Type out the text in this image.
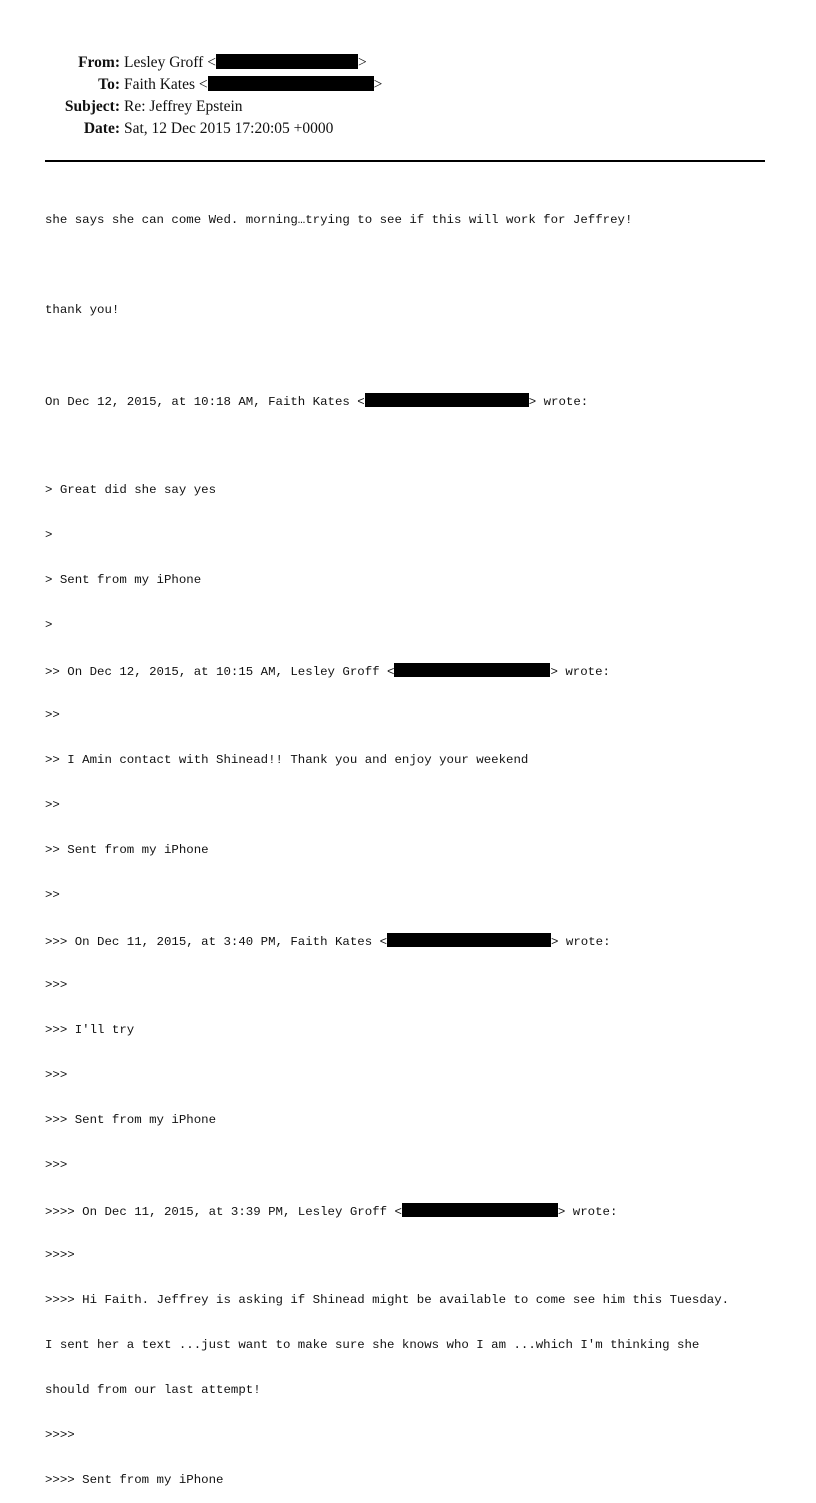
From: Lesley Groff <	>
To: Faith Kates <	>
Subject: Re: Jeffrey Epstein
Date: Sat, 12 Dec 2015 17:20:05 +0000

she says she can come Wed. morning…trying to see if this will work for Jeffrey!

thank you!

On Dec 12, 2015, at 10:18 AM, Faith Kates <	> wrote:

> Great did she say yes

>

> Sent from my iPhone

>

>> On Dec 12, 2015, at 10:15 AM, Lesley Groff <	> wrote:

>>

>> I Amin contact with Shinead!! Thank you and enjoy your weekend

>>

>> Sent from my iPhone

>>

>>> On Dec 11, 2015, at 3:40 PM, Faith Kates <	> wrote:

>>>

>>> I'll try

>>>

>>> Sent from my iPhone

>>>

>>>> On Dec 11, 2015, at 3:39 PM, Lesley Groff <	> wrote:

>>>>

>>>> Hi Faith. Jeffrey is asking if Shinead might be available to come see him this Tuesday.

I sent her a text ...just want to make sure she knows who I am ...which I'm thinking she

should from our last attempt!

>>>>

>>>> Sent from my iPhone
